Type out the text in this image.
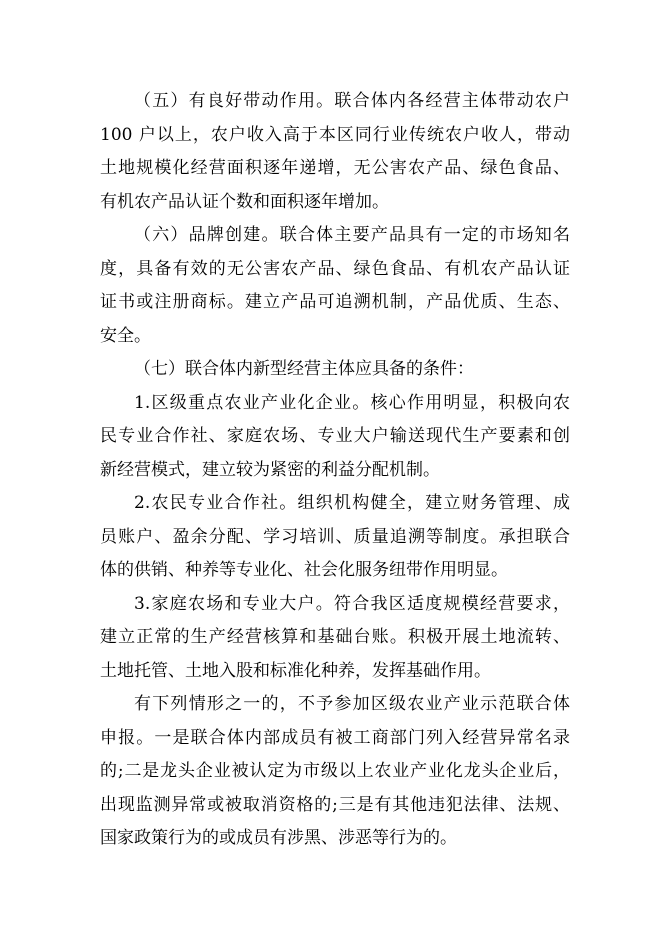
（五）有良好带动作用。联合体内各经营主体带动农户
100 户以上，农户收入高于本区同行业传统农户收人，带动
土地规模化经营面积逐年递增，无公害农产品、绿色食品、
有机农产品认证个数和面积逐年增加。
（六）品牌创建。联合体主要产品具有一定的市场知名
度，具备有效的无公害农产品、绿色食品、有机农产品认证
证书或注册商标。建立产品可追溯机制，产品优质、生态、
安全。
（七）联合体内新型经营主体应具备的条件：
1.区级重点农业产业化企业。核心作用明显，积极向农
民专业合作社、家庭农场、专业大户输送现代生产要素和创
新经营模式，建立较为紧密的利益分配机制。
2.农民专业合作社。组织机构健全，建立财务管理、成
员账户、盈余分配、学习培训、质量追溯等制度。承担联合
体的供销、种养等专业化、社会化服务纽带作用明显。
3.家庭农场和专业大户。符合我区适度规模经营要求，
建立正常的生产经营核算和基础台账。积极开展土地流转、
土地托管、土地入股和标准化种养，发挥基础作用。
有下列情形之一的，不予参加区级农业产业示范联合体
申报。一是联合体内部成员有被工商部门列入经营异常名录
的;二是龙头企业被认定为市级以上农业产业化龙头企业后，
出现监测异常或被取消资格的;三是有其他违犯法律、法规、
国家政策行为的或成员有涉黑、涉恶等行为的。
